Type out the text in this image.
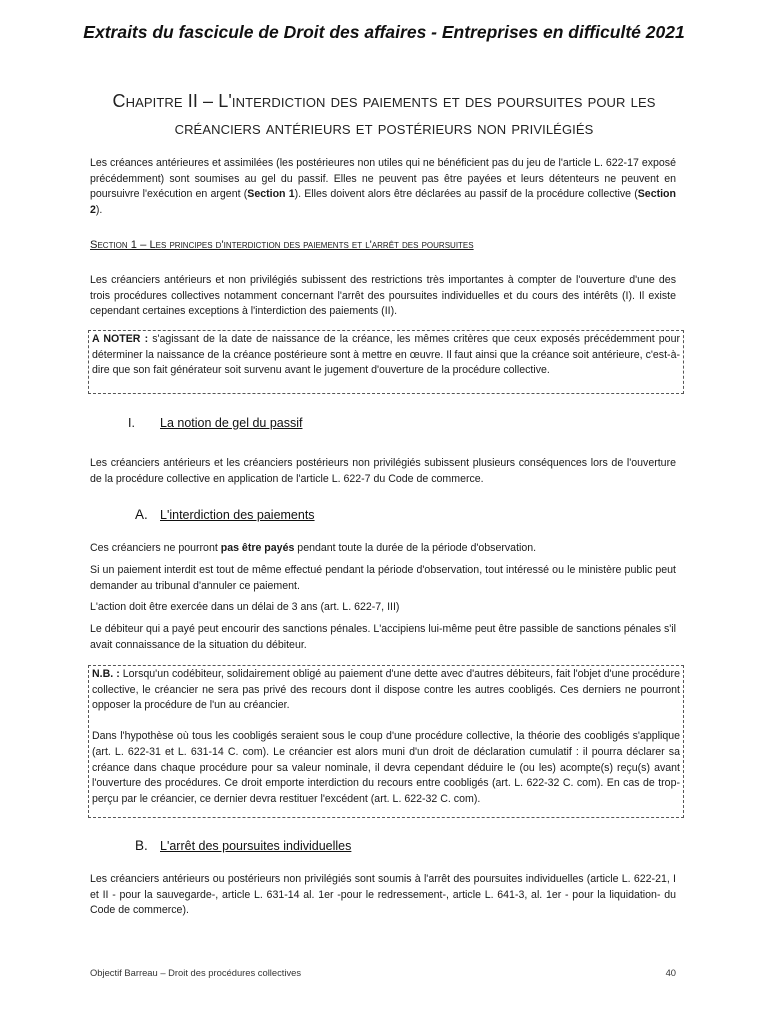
Extraits du fascicule de Droit des affaires - Entreprises en difficulté 2021
Chapitre II – L'interdiction des paiements et des poursuites pour les créanciers antérieurs et postérieurs non privilégiés

Les créances antérieures et assimilées (les postérieures non utiles qui ne bénéficient pas du jeu de l'article L. 622-17 exposé précédemment) sont soumises au gel du passif. Elles ne peuvent pas être payées et leurs détenteurs ne peuvent en poursuivre l'exécution en argent (Section 1). Elles doivent alors être déclarées au passif de la procédure collective (Section 2).

Section 1 – Les principes d'interdiction des paiements et l'arrêt des poursuites

Les créanciers antérieurs et non privilégiés subissent des restrictions très importantes à compter de l'ouverture d'une des trois procédures collectives notamment concernant l'arrêt des poursuites individuelles et du cours des intérêts (I). Il existe cependant certaines exceptions à l'interdiction des paiements (II).

A NOTER : s'agissant de la date de naissance de la créance, les mêmes critères que ceux exposés précédemment pour déterminer la naissance de la créance postérieure sont à mettre en œuvre. Il faut ainsi que la créance soit antérieure, c'est-à-dire que son fait générateur soit survenu avant le jugement d'ouverture de la procédure collective.
I. La notion de gel du passif

Les créanciers antérieurs et les créanciers postérieurs non privilégiés subissent plusieurs conséquences lors de l'ouverture de la procédure collective en application de l'article L. 622-7 du Code de commerce.

A. L'interdiction des paiements

Ces créanciers ne pourront pas être payés pendant toute la durée de la période d'observation.

Si un paiement interdit est tout de même effectué pendant la période d'observation, tout intéressé ou le ministère public peut demander au tribunal d'annuler ce paiement.

L'action doit être exercée dans un délai de 3 ans (art. L. 622-7, III)

Le débiteur qui a payé peut encourir des sanctions pénales. L'accipiens lui-même peut être passible de sanctions pénales s'il avait connaissance de la situation du débiteur.

N.B. : Lorsqu'un codébiteur, solidairement obligé au paiement d'une dette avec d'autres débiteurs, fait l'objet d'une procédure collective, le créancier ne sera pas privé des recours dont il dispose contre les autres coobligés. Ces derniers ne pourront opposer la procédure de l'un au créancier.
Dans l'hypothèse où tous les coobligés seraient sous le coup d'une procédure collective, la théorie des coobligés s'applique (art. L. 622-31 et L. 631-14 C. com). Le créancier est alors muni d'un droit de déclaration cumulatif : il pourra déclarer sa créance dans chaque procédure pour sa valeur nominale, il devra cependant déduire le (ou les) acompte(s) reçu(s) avant l'ouverture des procédures. Ce droit emporte interdiction du recours entre coobligés (art. L. 622-32 C. com). En cas de trop-perçu par le créancier, ce dernier devra restituer l'excédent (art. L. 622-32 C. com).
B. L'arrêt des poursuites individuelles

Les créanciers antérieurs ou postérieurs non privilégiés sont soumis à l'arrêt des poursuites individuelles (article L. 622-21, I et II - pour la sauvegarde-, article L. 631-14 al. 1er -pour le redressement-, article L. 641-3, al. 1er - pour la liquidation- du Code de commerce).

Objectif Barreau – Droit des procédures collectives	40
